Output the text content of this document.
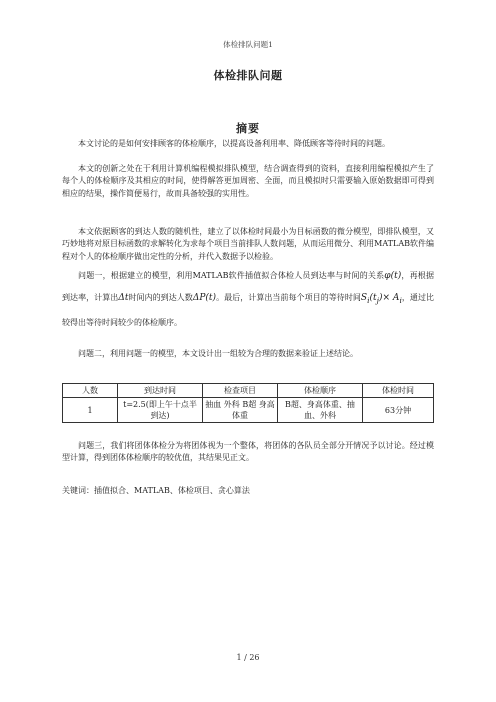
体检排队问题1
体检排队问题
摘要

本文讨论的是如何安排顾客的体检顺序，以提高设备利用率、降低顾客等待时间的问题。

本文的创新之处在于利用计算机编程模拟排队模型，结合调查得到的资料，直接利用编程模拟产生了每个人的体检顺序及其相应的时间，使得解答更加周密、全面，而且模拟时只需要输入原始数据即可得到相应的结果，操作简便易行，故而具备较强的实用性。

本文依据顾客的到达人数的随机性，建立了以体检时间最小为目标函数的微分模型，即排队模型，又巧妙地将对原目标函数的求解转化为求每个项目当前排队人数问题，从而运用微分、利用MATLAB软件编程对个人的体检顺序做出定性的分析，并代入数据予以检验。

问题一，根据建立的模型，利用MATLAB软件插值拟合体检人员到达率与时间的关系φ(t)，再根据到达率，计算出Δt时间内的到达人数ΔP(t)。最后，计算出当前每个项目的等待时间$S_i(t_j)\times A_i$，通过比较得出等待时间较少的体检顺序。

问题二，利用问题一的模型，本文设计出一组较为合理的数据来验证上述结论。

人数	到达时间	检查项目	体检顺序	体检时间
1	t=2.5(即上午十点半到达)	抽血 外科 B超 身高体重	B超、身高体重、抽血、外科	63分钟

问题三，我们将团体体检分为将团体视为一个整体，将团体的各队员全部分开情况予以讨论。经过模型计算，得到团体体检顺序的较优值，其结果见正文。

关键词：插值拟合、MATLAB、体检项目、贪心算法
1 / 26
